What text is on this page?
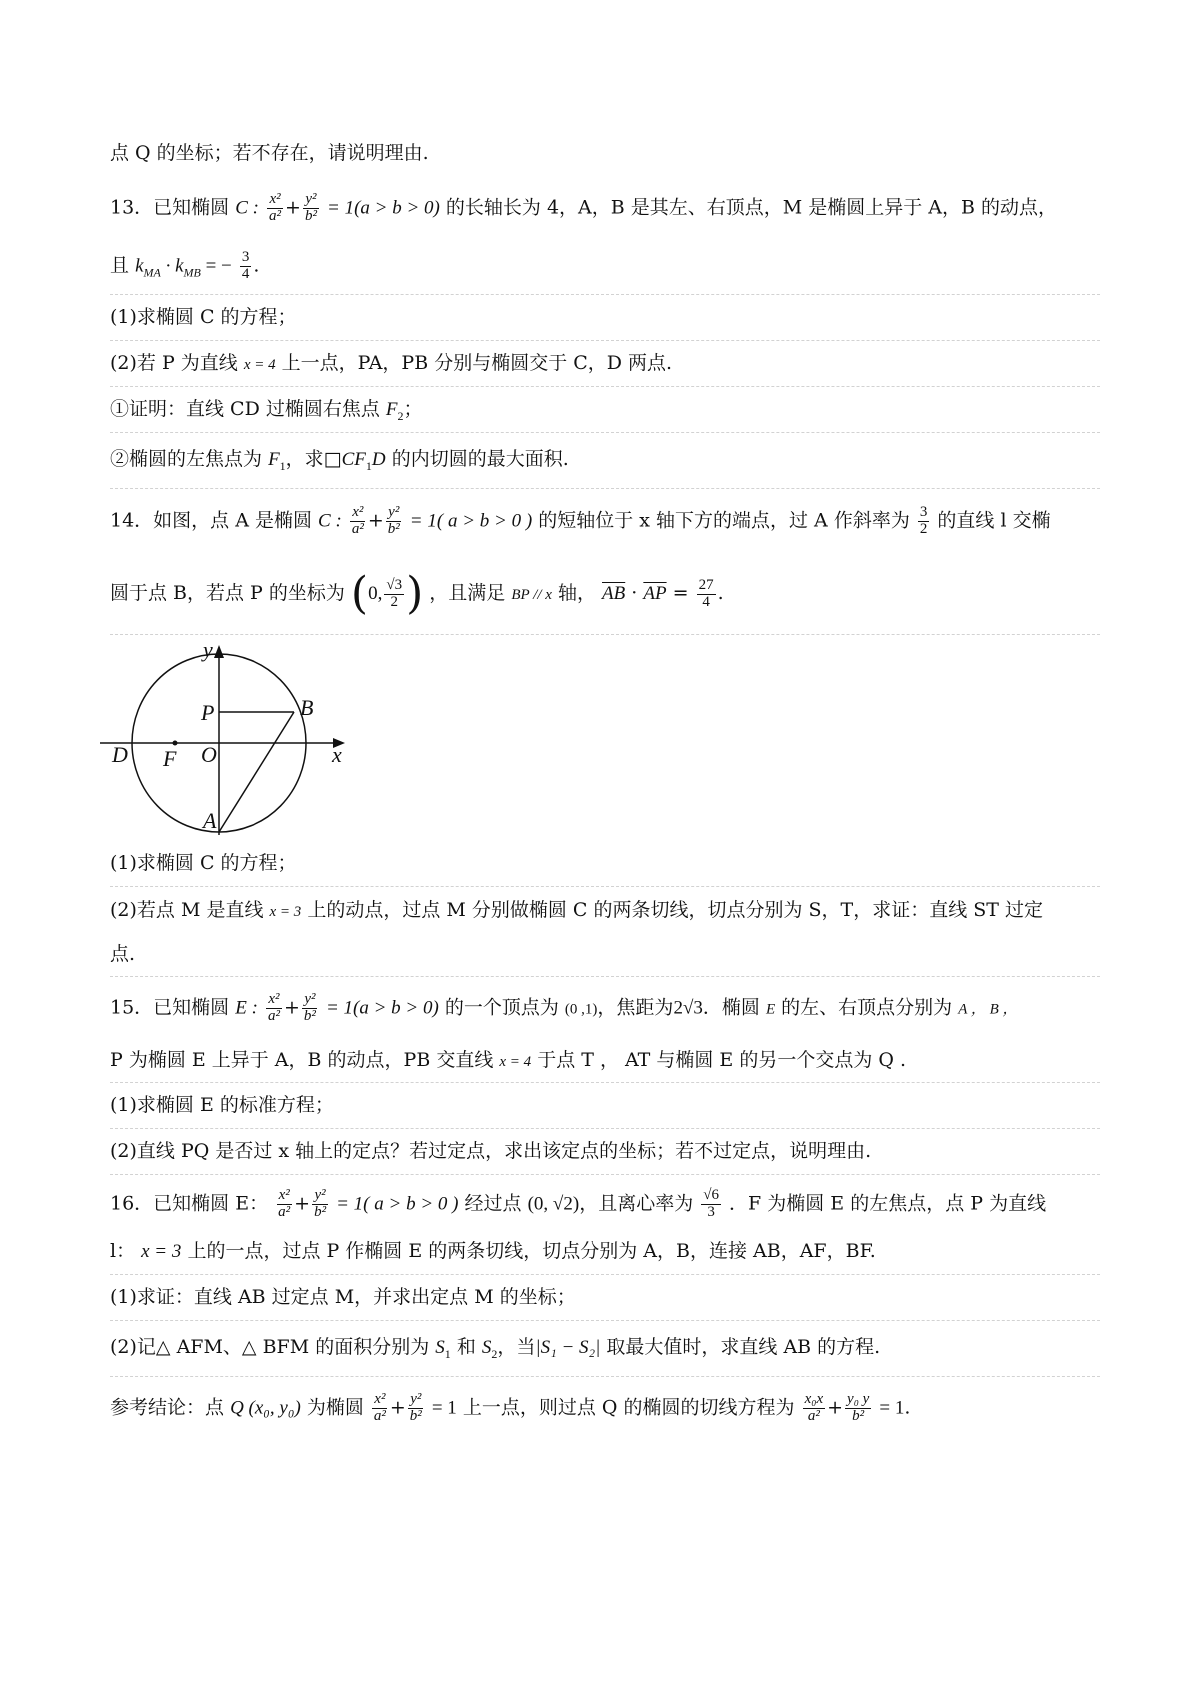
点 Q 的坐标；若不存在，请说明理由.
13．已知椭圆 C : $\frac{\text{x²}}{\text{a²}} + \frac{\text{y²}}{\text{b²}} = 1(a > b > 0)$ 的长轴长为 4，A，B 是其左、右顶点，M 是椭圆上异于 A，B 的动点，
且 $k_{MA} \cdot k_{MB}$ = − $\frac{3}{4}$ .
(1)求椭圆 C 的方程；
(2)若 P 为直线 x = 4 上一点，PA，PB 分别与椭圆交于 C，D 两点.
①证明：直线 CD 过椭圆右焦点 $F_2$；
②椭圆的左焦点为 $F_1$，求$□CF_1D$ 的内切圆的最大面积.
14．如图，点 A 是椭圆 C : $\frac{\text{x²}}{\text{a²}} + \frac{\text{y²}}{\text{b²}} = 1$( a > b > 0 ) 的短轴位于 x 轴下方的端点，过 A 作斜率为 $\frac{3}{2}$ 的直线 l 交椭
圆于点 B，若点 P 的坐标为 (0, $\frac{√3}{2}$ ) ，且满足 BP // x 轴， $\overline{AB} \cdot \overline{AP} = \frac{27}{4}$ .
y
x
P	B
D F O
A
(1)求椭圆 C 的方程；
(2)若点 M 是直线 x = 3 上的动点，过点 M 分别做椭圆 C 的两条切线，切点分别为 S，T，求证：直线 ST 过定
点.
15．已知椭圆 E : $\frac{\text{x²}}{\text{a²}} + \frac{\text{y²}}{\text{b²}} = 1(a > b > 0)$ 的一个顶点为 (0 ,1)，焦距为2√3．椭圆 E 的左、右顶点分别为 A ， B ，
P 为椭圆 E 上异于 A，B 的动点，PB 交直线 x = 4 于点 T ， AT 与椭圆 E 的另一个交点为 Q .
(1)求椭圆 E 的标准方程；
(2)直线 PQ 是否过 x 轴上的定点？若过定点，求出该定点的坐标；若不过定点，说明理由.
16．已知椭圆 E： $\frac{\text{x²}}{\text{a²}} + \frac{\text{y²}}{\text{b²}} = 1$( a > b > 0 ) 经过点 (0, √2)，且离心率为 $\frac{√6}{3}$ ．F 为椭圆 E 的左焦点，点 P 为直线
l： x = 3 上的一点，过点 P 作椭圆 E 的两条切线，切点分别为 A，B，连接 AB，AF，BF.
(1)求证：直线 AB 过定点 M，并求出定点 M 的坐标；
(2)记△ AFM、△ BFM 的面积分别为 $S_1$ 和 $S_2$，当|S₁ − S₂| 取最大值时，求直线 AB 的方程.
参考结论：点 Q (x₀, y₀) 为椭圆 $\frac{\text{x²}}{\text{a²}} + \frac{\text{y²}}{\text{b²}} = 1$ 上一点，则过点 Q 的椭圆的切线方程为 $\frac{\text{x₀x}}{\text{a²}} + \frac{\text{y₀ y}}{\text{b²}} = 1$.
